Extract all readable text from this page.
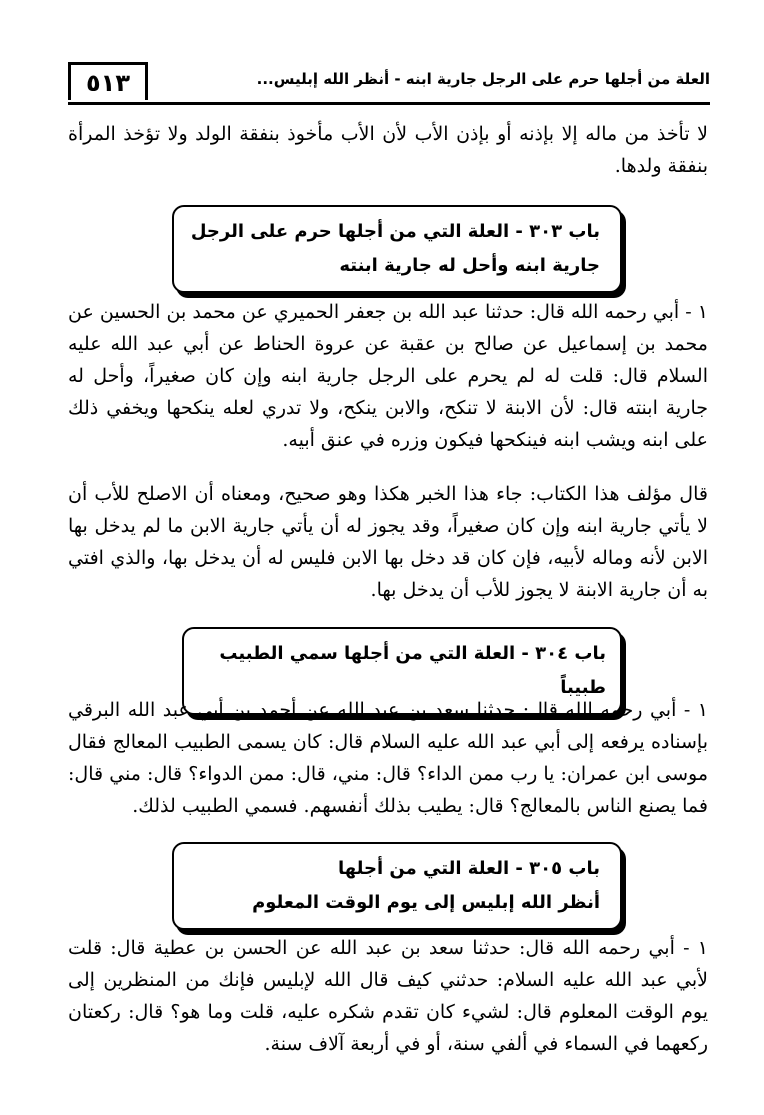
٥١٣	العلة من أجلها حرم على الرجل جارية ابنه - أنظر الله إبليس...
لا تأخذ من ماله إلا بإذنه أو بإذن الأب لأن الأب مأخوذ بنفقة الولد ولا تؤخذ المرأة بنفقة ولدها.
باب ٣٠٣ - العلة التي من أجلها حرم على الرجل
جارية ابنه وأحل له جارية ابنته
١ - أبي رحمه الله قال: حدثنا عبد الله بن جعفر الحميري عن محمد بن الحسين عن محمد بن إسماعيل عن صالح بن عقبة عن عروة الحناط عن أبي عبد الله عليه السلام قال: قلت له لم يحرم على الرجل جارية ابنه وإن كان صغيراً، وأحل له جارية ابنته قال: لأن الابنة لا تنكح، والابن ينكح، ولا تدري لعله ينكحها ويخفي ذلك على ابنه ويشب ابنه فينكحها فيكون وزره في عنق أبيه.
قال مؤلف هذا الكتاب: جاء هذا الخبر هكذا وهو صحيح، ومعناه أن الاصلح للأب أن لا يأتي جارية ابنه وإن كان صغيراً، وقد يجوز له أن يأتي جارية الابن ما لم يدخل بها الابن لأنه وماله لأبيه، فإن كان قد دخل بها الابن فليس له أن يدخل بها، والذي افتي به أن جارية الابنة لا يجوز للأب أن يدخل بها.
باب ٣٠٤ - العلة التي من أجلها سمي الطبيب طبيباً
١ - أبي رحمه الله قال: حدثنا سعد بن عبد الله عن أحمد بن أبي عبد الله البرقي بإسناده يرفعه إلى أبي عبد الله عليه السلام قال: كان يسمى الطبيب المعالج فقال موسى ابن عمران: يا رب ممن الداء؟ قال: مني، قال: ممن الدواء؟ قال: مني قال: فما يصنع الناس بالمعالج؟ قال: يطيب بذلك أنفسهم. فسمي الطبيب لذلك.
باب ٣٠٥ - العلة التي من أجلها
أنظر الله إبليس إلى يوم الوقت المعلوم
١ - أبي رحمه الله قال: حدثنا سعد بن عبد الله عن الحسن بن عطية قال: قلت لأبي عبد الله عليه السلام: حدثني كيف قال الله لإبليس فإنك من المنظرين إلى يوم الوقت المعلوم قال: لشيء كان تقدم شكره عليه، قلت وما هو؟ قال: ركعتان ركعهما في السماء في ألفي سنة، أو في أربعة آلاف سنة.
